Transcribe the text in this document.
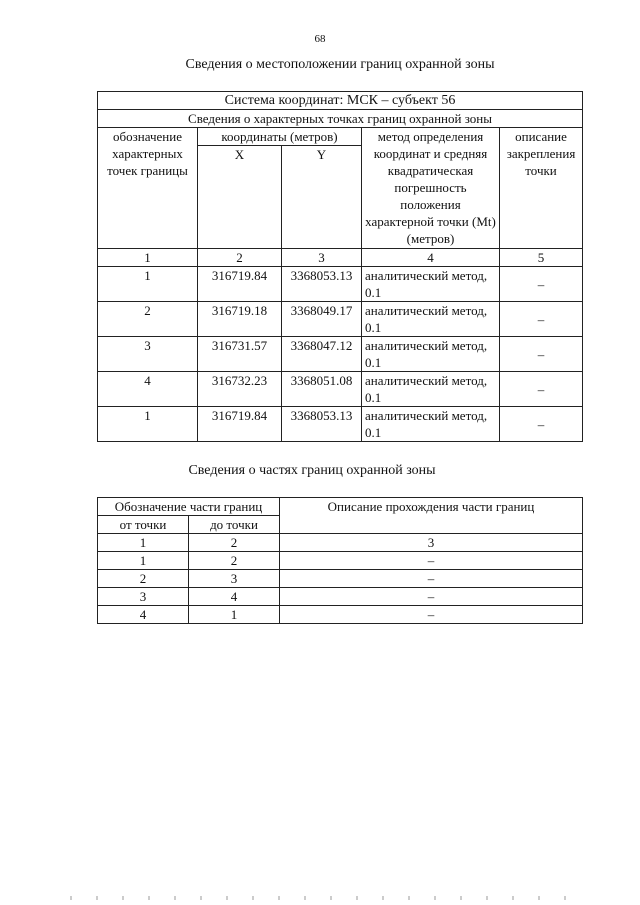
68
Сведения о местоположении границ охранной зоны
Система координат: МСК – субъект 56				
Сведения о характерных точках границ охранной зоны				
обозначение характерных точек границы	координаты (метров)		метод определения координат и средняя квадратическая погрешность положения характерной точки (Mt) (метров)	описание закрепления точки
	X	Y		
1	2	3	4	5
1	316719.84	3368053.13	аналитический метод, 0.1	–
2	316719.18	3368049.17	аналитический метод, 0.1	–
3	316731.57	3368047.12	аналитический метод, 0.1	–
4	316732.23	3368051.08	аналитический метод, 0.1	–
1	316719.84	3368053.13	аналитический метод, 0.1	–
Сведения о частях границ охранной зоны
Обозначение части границ		Описание прохождения части границ
от точки	до точки	
1	2	3
1	2	–
2	3	–
3	4	–
4	1	–
